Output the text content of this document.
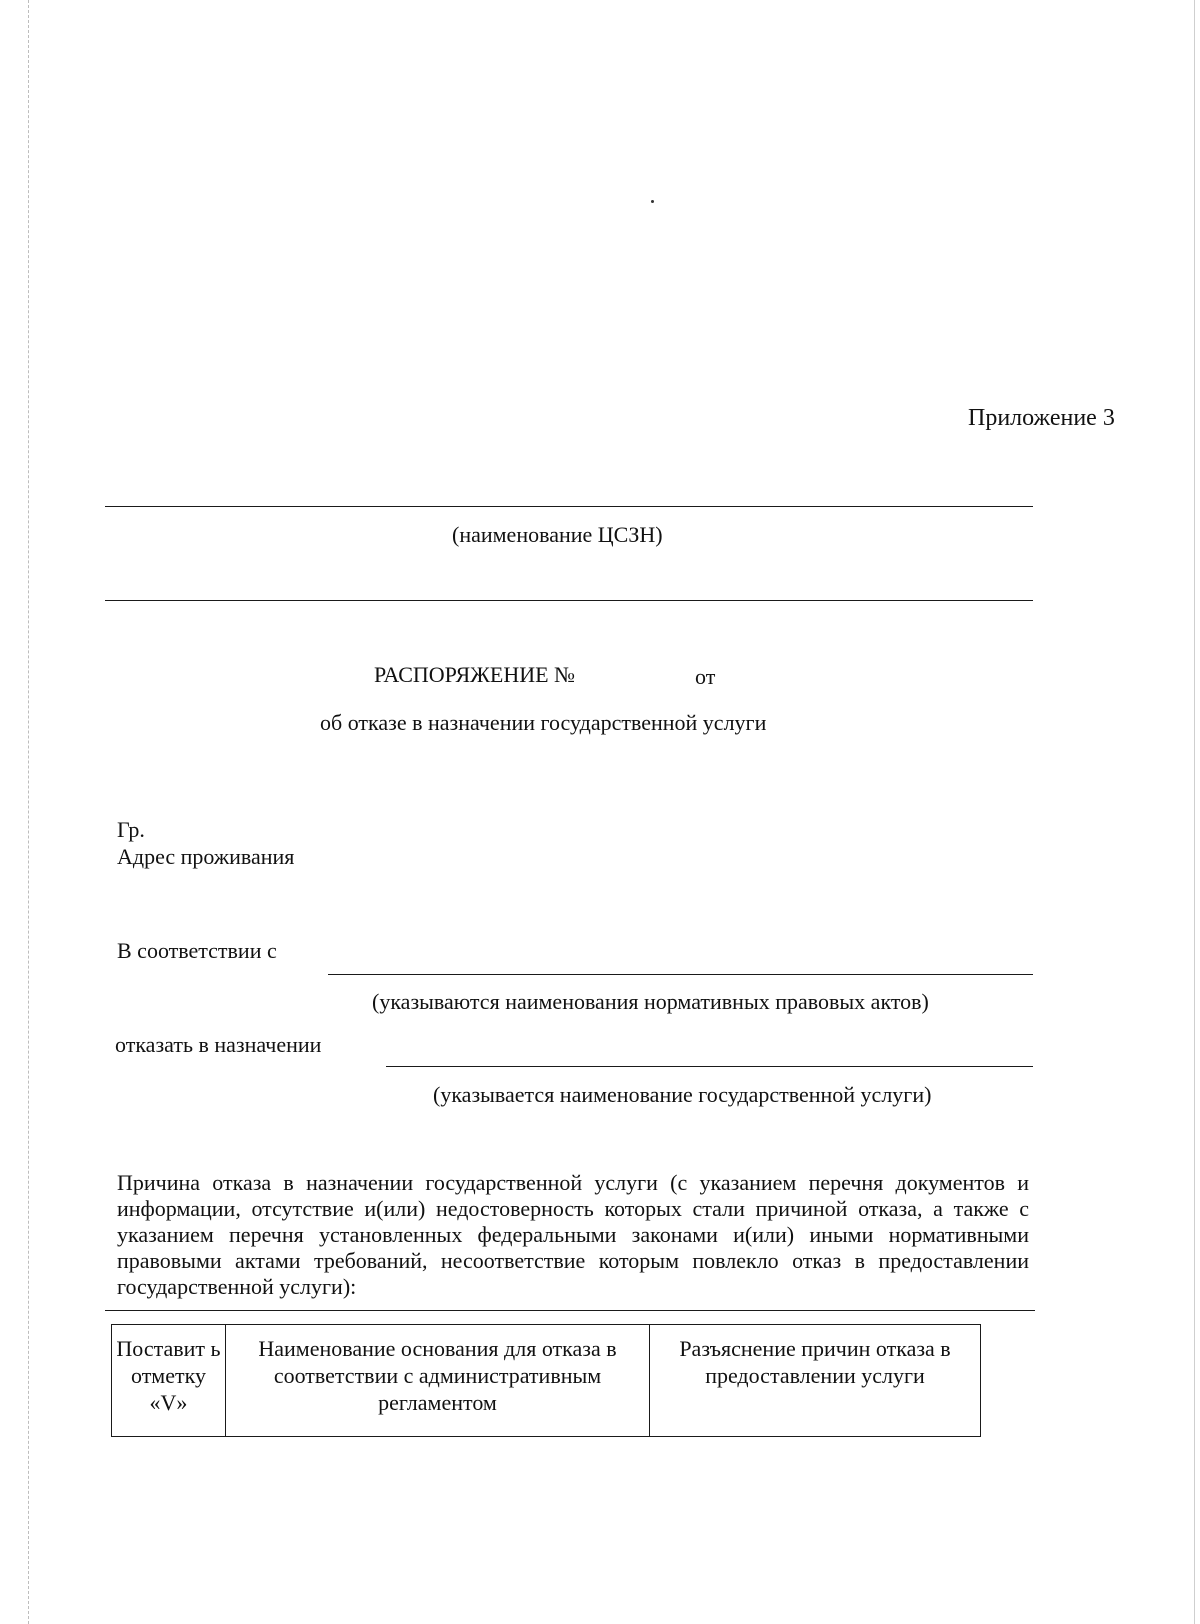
Приложение 3
(наименование ЦСЗН)
РАСПОРЯЖЕНИЕ №	от
об отказе в назначении государственной услуги
Гр.
Адрес проживания
В соответствии с
(указываются наименования нормативных правовых актов)
отказать в назначении
(указывается наименование государственной услуги)

Причина отказа в назначении государственной услуги (с указанием перечня документов и информации, отсутствие и(или) недостоверность которых стали причиной отказа, а также с указанием перечня установленных федеральными законами и(или) иными нормативными правовыми актами требований, несоответствие которым повлекло отказ в предоставлении государственной услуги):

Поставит ь отметку «V»	Наименование основания для отказа в соответствии с административным регламентом	Разъяснение причин отказа в предоставлении услуги
